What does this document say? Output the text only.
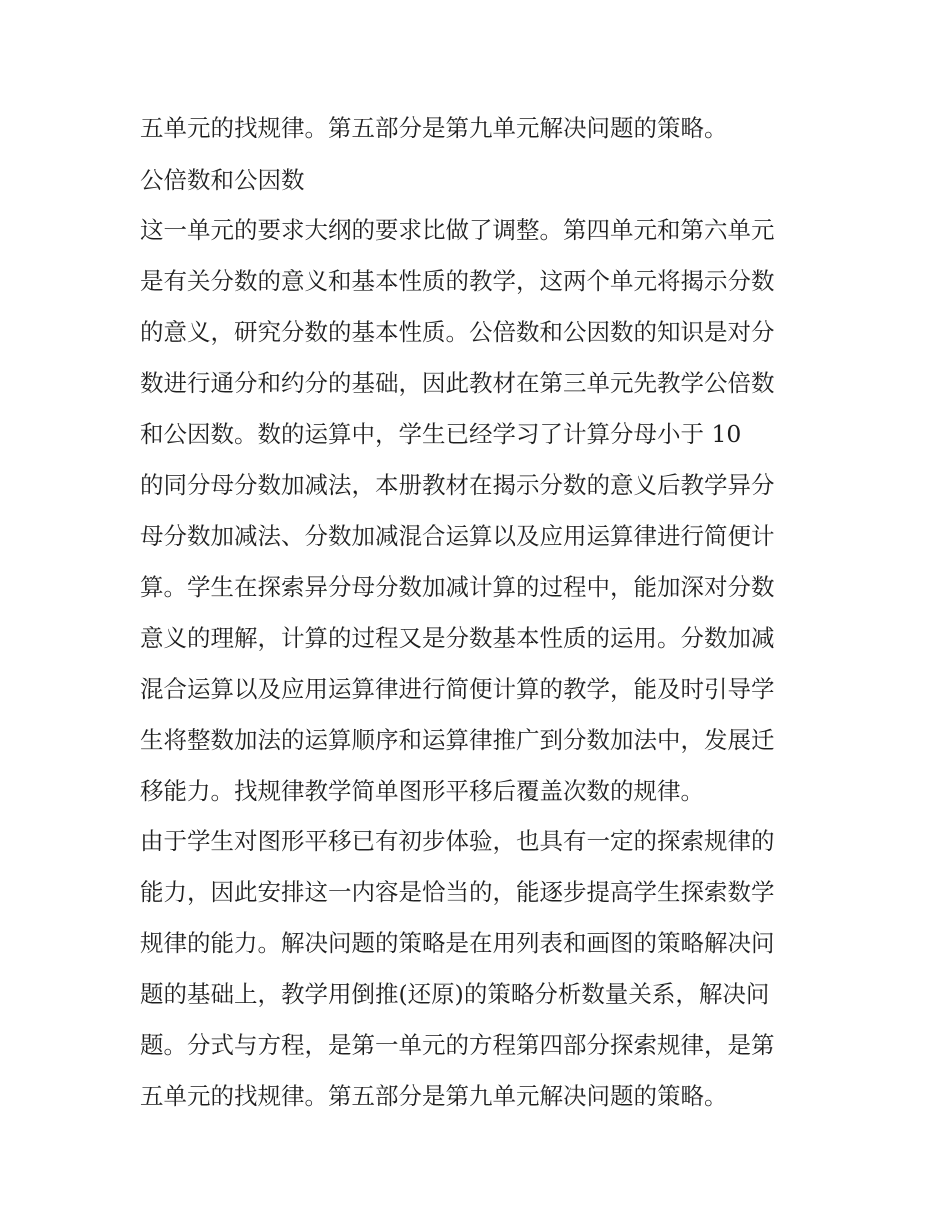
五单元的找规律。第五部分是第九单元解决问题的策略。
公倍数和公因数
这一单元的要求大纲的要求比做了调整。第四单元和第六单元
是有关分数的意义和基本性质的教学，这两个单元将揭示分数
的意义，研究分数的基本性质。公倍数和公因数的知识是对分
数进行通分和约分的基础，因此教材在第三单元先教学公倍数
和公因数。数的运算中，学生已经学习了计算分母小于 10
的同分母分数加减法，本册教材在揭示分数的意义后教学异分
母分数加减法、分数加减混合运算以及应用运算律进行简便计
算。学生在探索异分母分数加减计算的过程中，能加深对分数
意义的理解，计算的过程又是分数基本性质的运用。分数加减
混合运算以及应用运算律进行简便计算的教学，能及时引导学
生将整数加法的运算顺序和运算律推广到分数加法中，发展迁
移能力。找规律教学简单图形平移后覆盖次数的规律。
由于学生对图形平移已有初步体验，也具有一定的探索规律的
能力，因此安排这一内容是恰当的，能逐步提高学生探索数学
规律的能力。解决问题的策略是在用列表和画图的策略解决问
题的基础上，教学用倒推(还原)的策略分析数量关系，解决问
题。分式与方程，是第一单元的方程第四部分探索规律，是第
五单元的找规律。第五部分是第九单元解决问题的策略。
